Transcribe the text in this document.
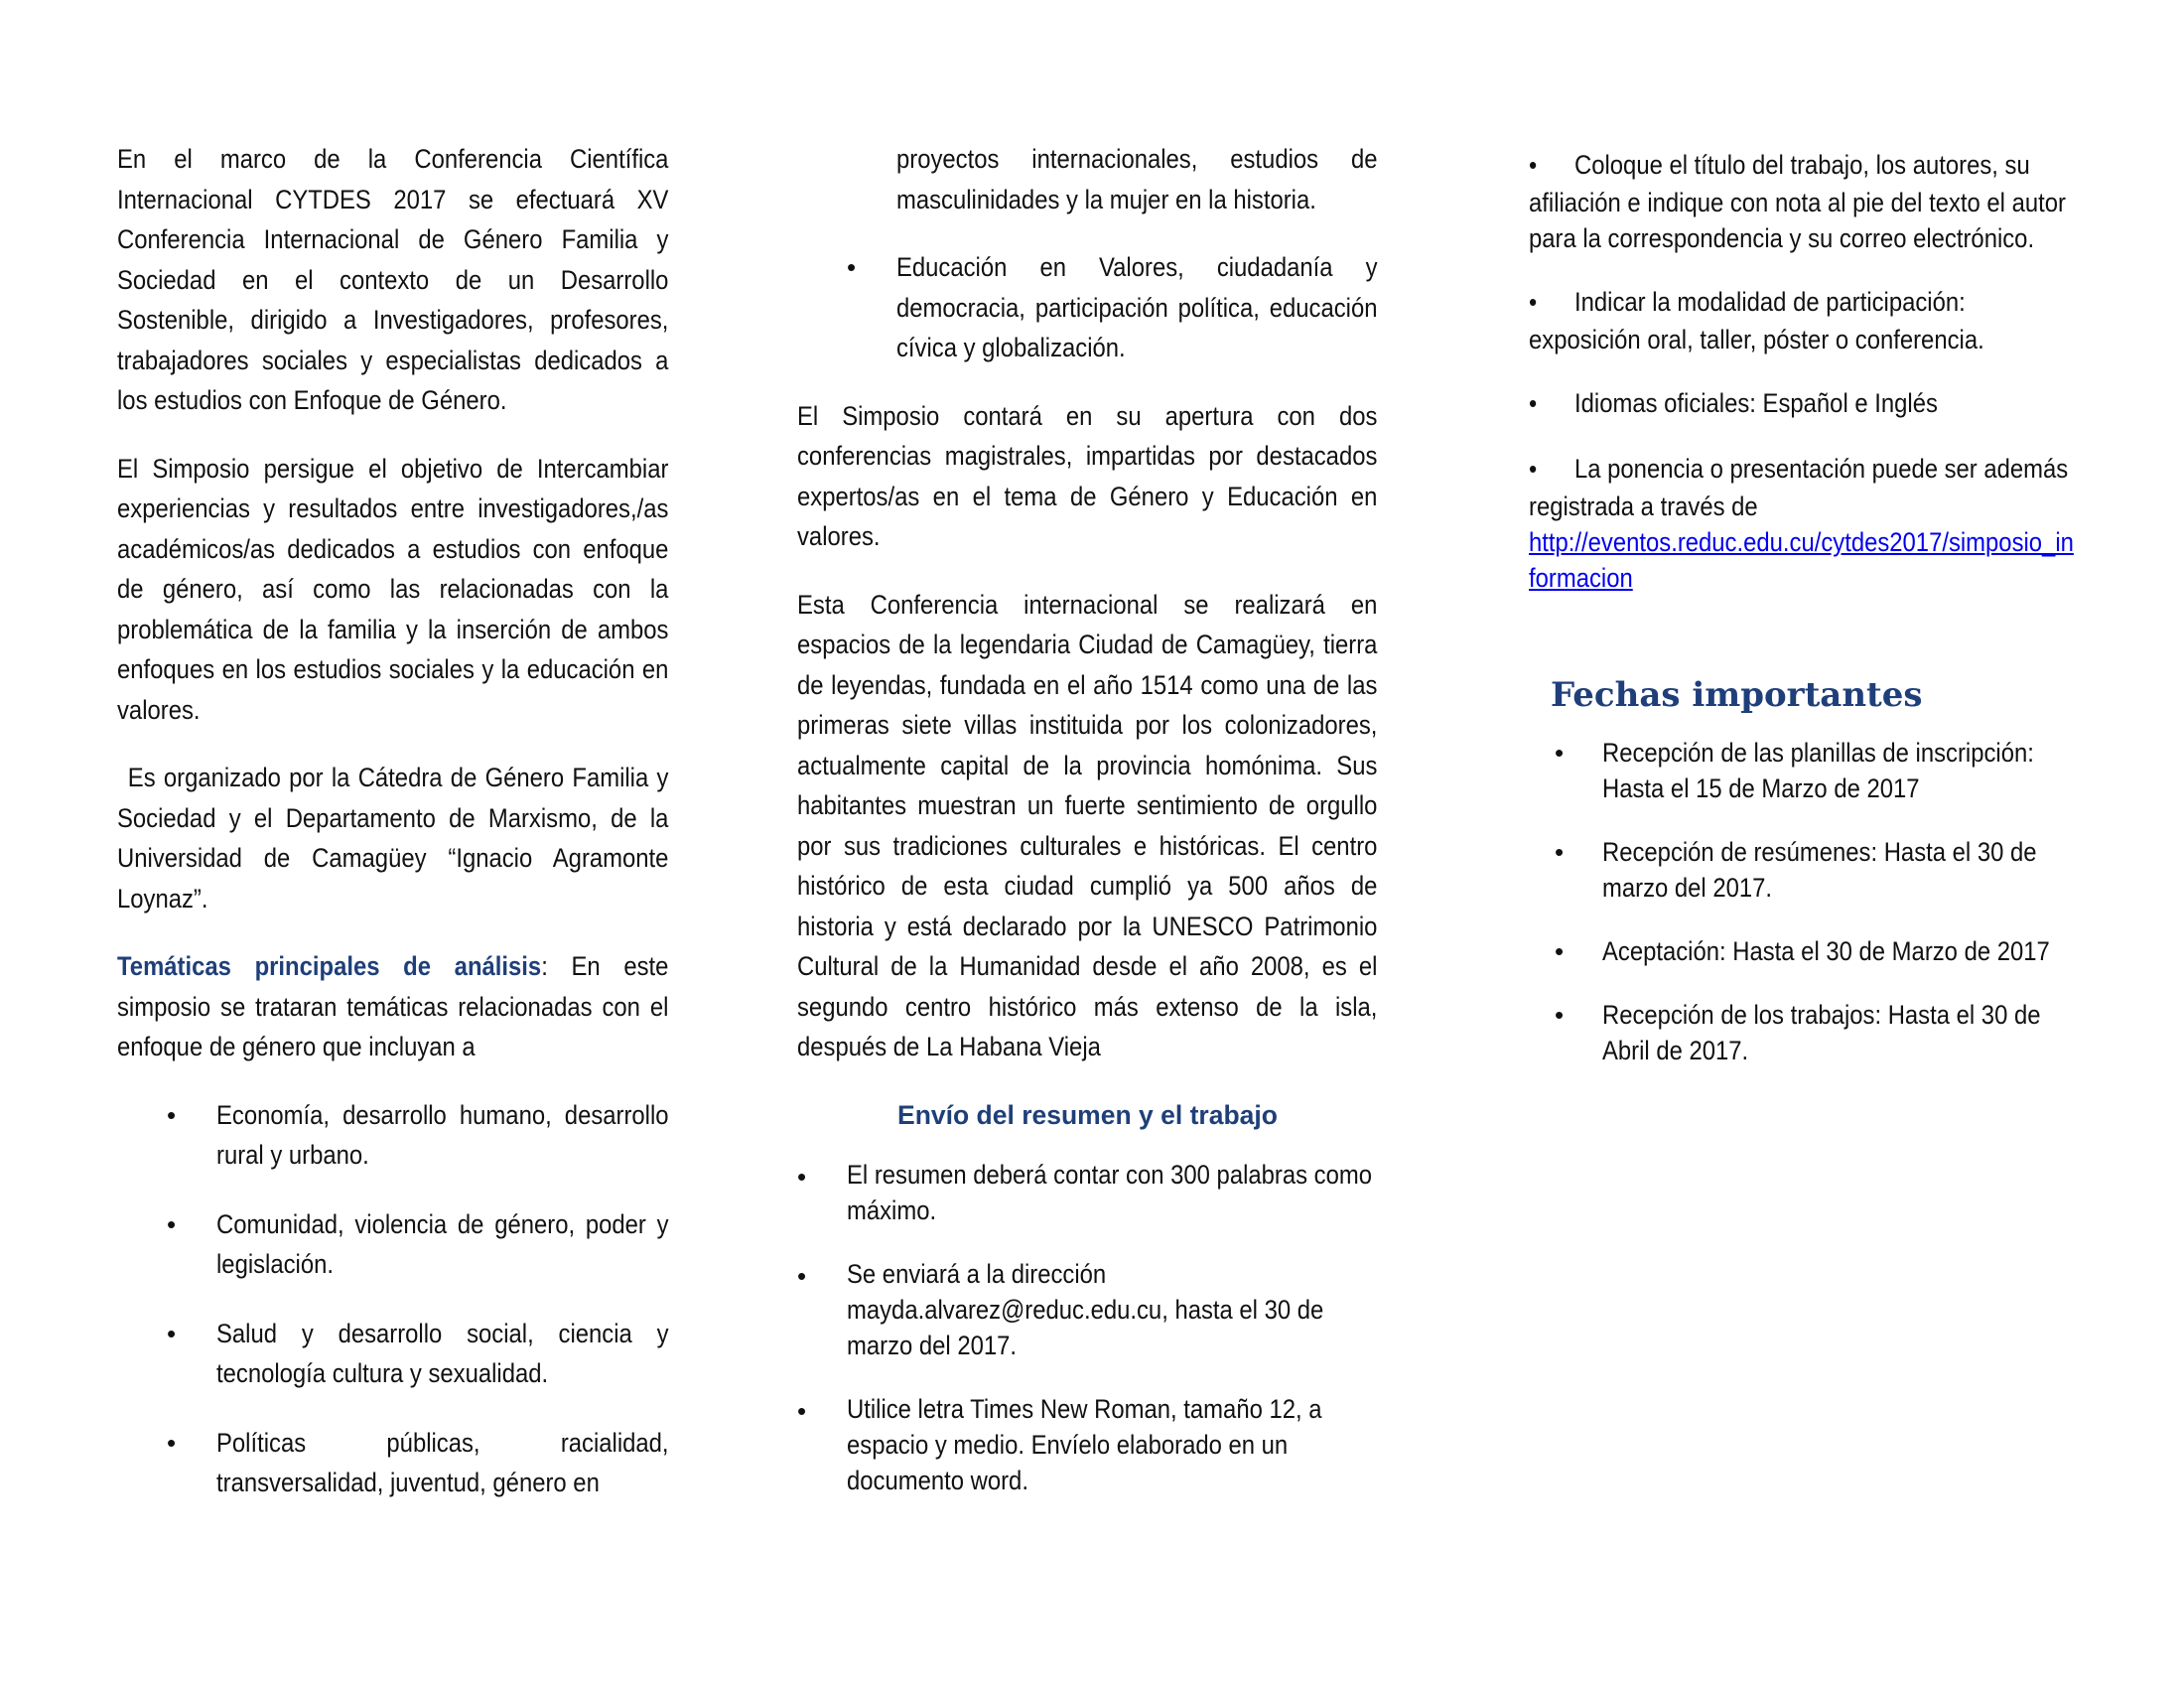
En el marco de la Conferencia Científica Internacional CYTDES 2017 se efectuará XV Conferencia Internacional de Género Familia y Sociedad en el contexto de un Desarrollo Sostenible, dirigido a Investigadores, profesores, trabajadores sociales y especialistas dedicados a los estudios con Enfoque de Género.

El Simposio persigue el objetivo de Intercambiar experiencias y resultados entre investigadores,/as académicos/as dedicados a estudios con enfoque de género, así como las relacionadas con la problemática de la familia y la inserción de ambos enfoques en los estudios sociales y la educación en valores.

Es organizado por la Cátedra de Género Familia y Sociedad y el Departamento de Marxismo, de la Universidad de Camagüey “Ignacio Agramonte Loynaz”.

Temáticas principales de análisis: En este simposio se trataran temáticas relacionadas con el enfoque de género que incluyan a

• Economía, desarrollo humano, desarrollo rural y urbano.
• Comunidad, violencia de género, poder y legislación.
• Salud y desarrollo social, ciencia y tecnología cultura y sexualidad.
• Políticas públicas, racialidad, transversalidad, juventud, género en
proyectos internacionales, estudios de masculinidades y la mujer en la historia.
• Educación en Valores, ciudadanía y democracia, participación política, educación cívica y globalización.

El Simposio contará en su apertura con dos conferencias magistrales, impartidas por destacados expertos/as en el tema de Género y Educación en valores.

Esta Conferencia internacional se realizará en espacios de la legendaria Ciudad de Camagüey, tierra de leyendas, fundada en el año 1514 como una de las primeras siete villas instituida por los colonizadores, actualmente capital de la provincia homónima. Sus habitantes muestran un fuerte sentimiento de orgullo por sus tradiciones culturales e históricas. El centro histórico de esta ciudad cumplió ya 500 años de historia y está declarado por la UNESCO Patrimonio Cultural de la Humanidad desde el año 2008, es el segundo centro histórico más extenso de la isla, después de La Habana Vieja

Envío del resumen y el trabajo
• El resumen deberá contar con 300 palabras como máximo.
• Se enviará a la dirección mayda.alvarez@reduc.edu.cu, hasta el 30 de marzo del 2017.
• Utilice letra Times New Roman, tamaño 12, a espacio y medio. Envíelo elaborado en un documento word.
• Coloque el título del trabajo, los autores, su afiliación e indique con nota al pie del texto el autor para la correspondencia y su correo electrónico.
• Indicar la modalidad de participación: exposición oral, taller, póster o conferencia.
• Idiomas oficiales: Español e Inglés
• La ponencia o presentación puede ser además registrada a través de
http://eventos.reduc.edu.cu/cytdes2017/simposio_informacion
Fechas importantes
• Recepción de las planillas de inscripción: Hasta el 15 de Marzo de 2017
• Recepción de resúmenes: Hasta el 30 de marzo del 2017.
• Aceptación: Hasta el 30 de Marzo de 2017
• Recepción de los trabajos: Hasta el 30 de Abril de 2017.
